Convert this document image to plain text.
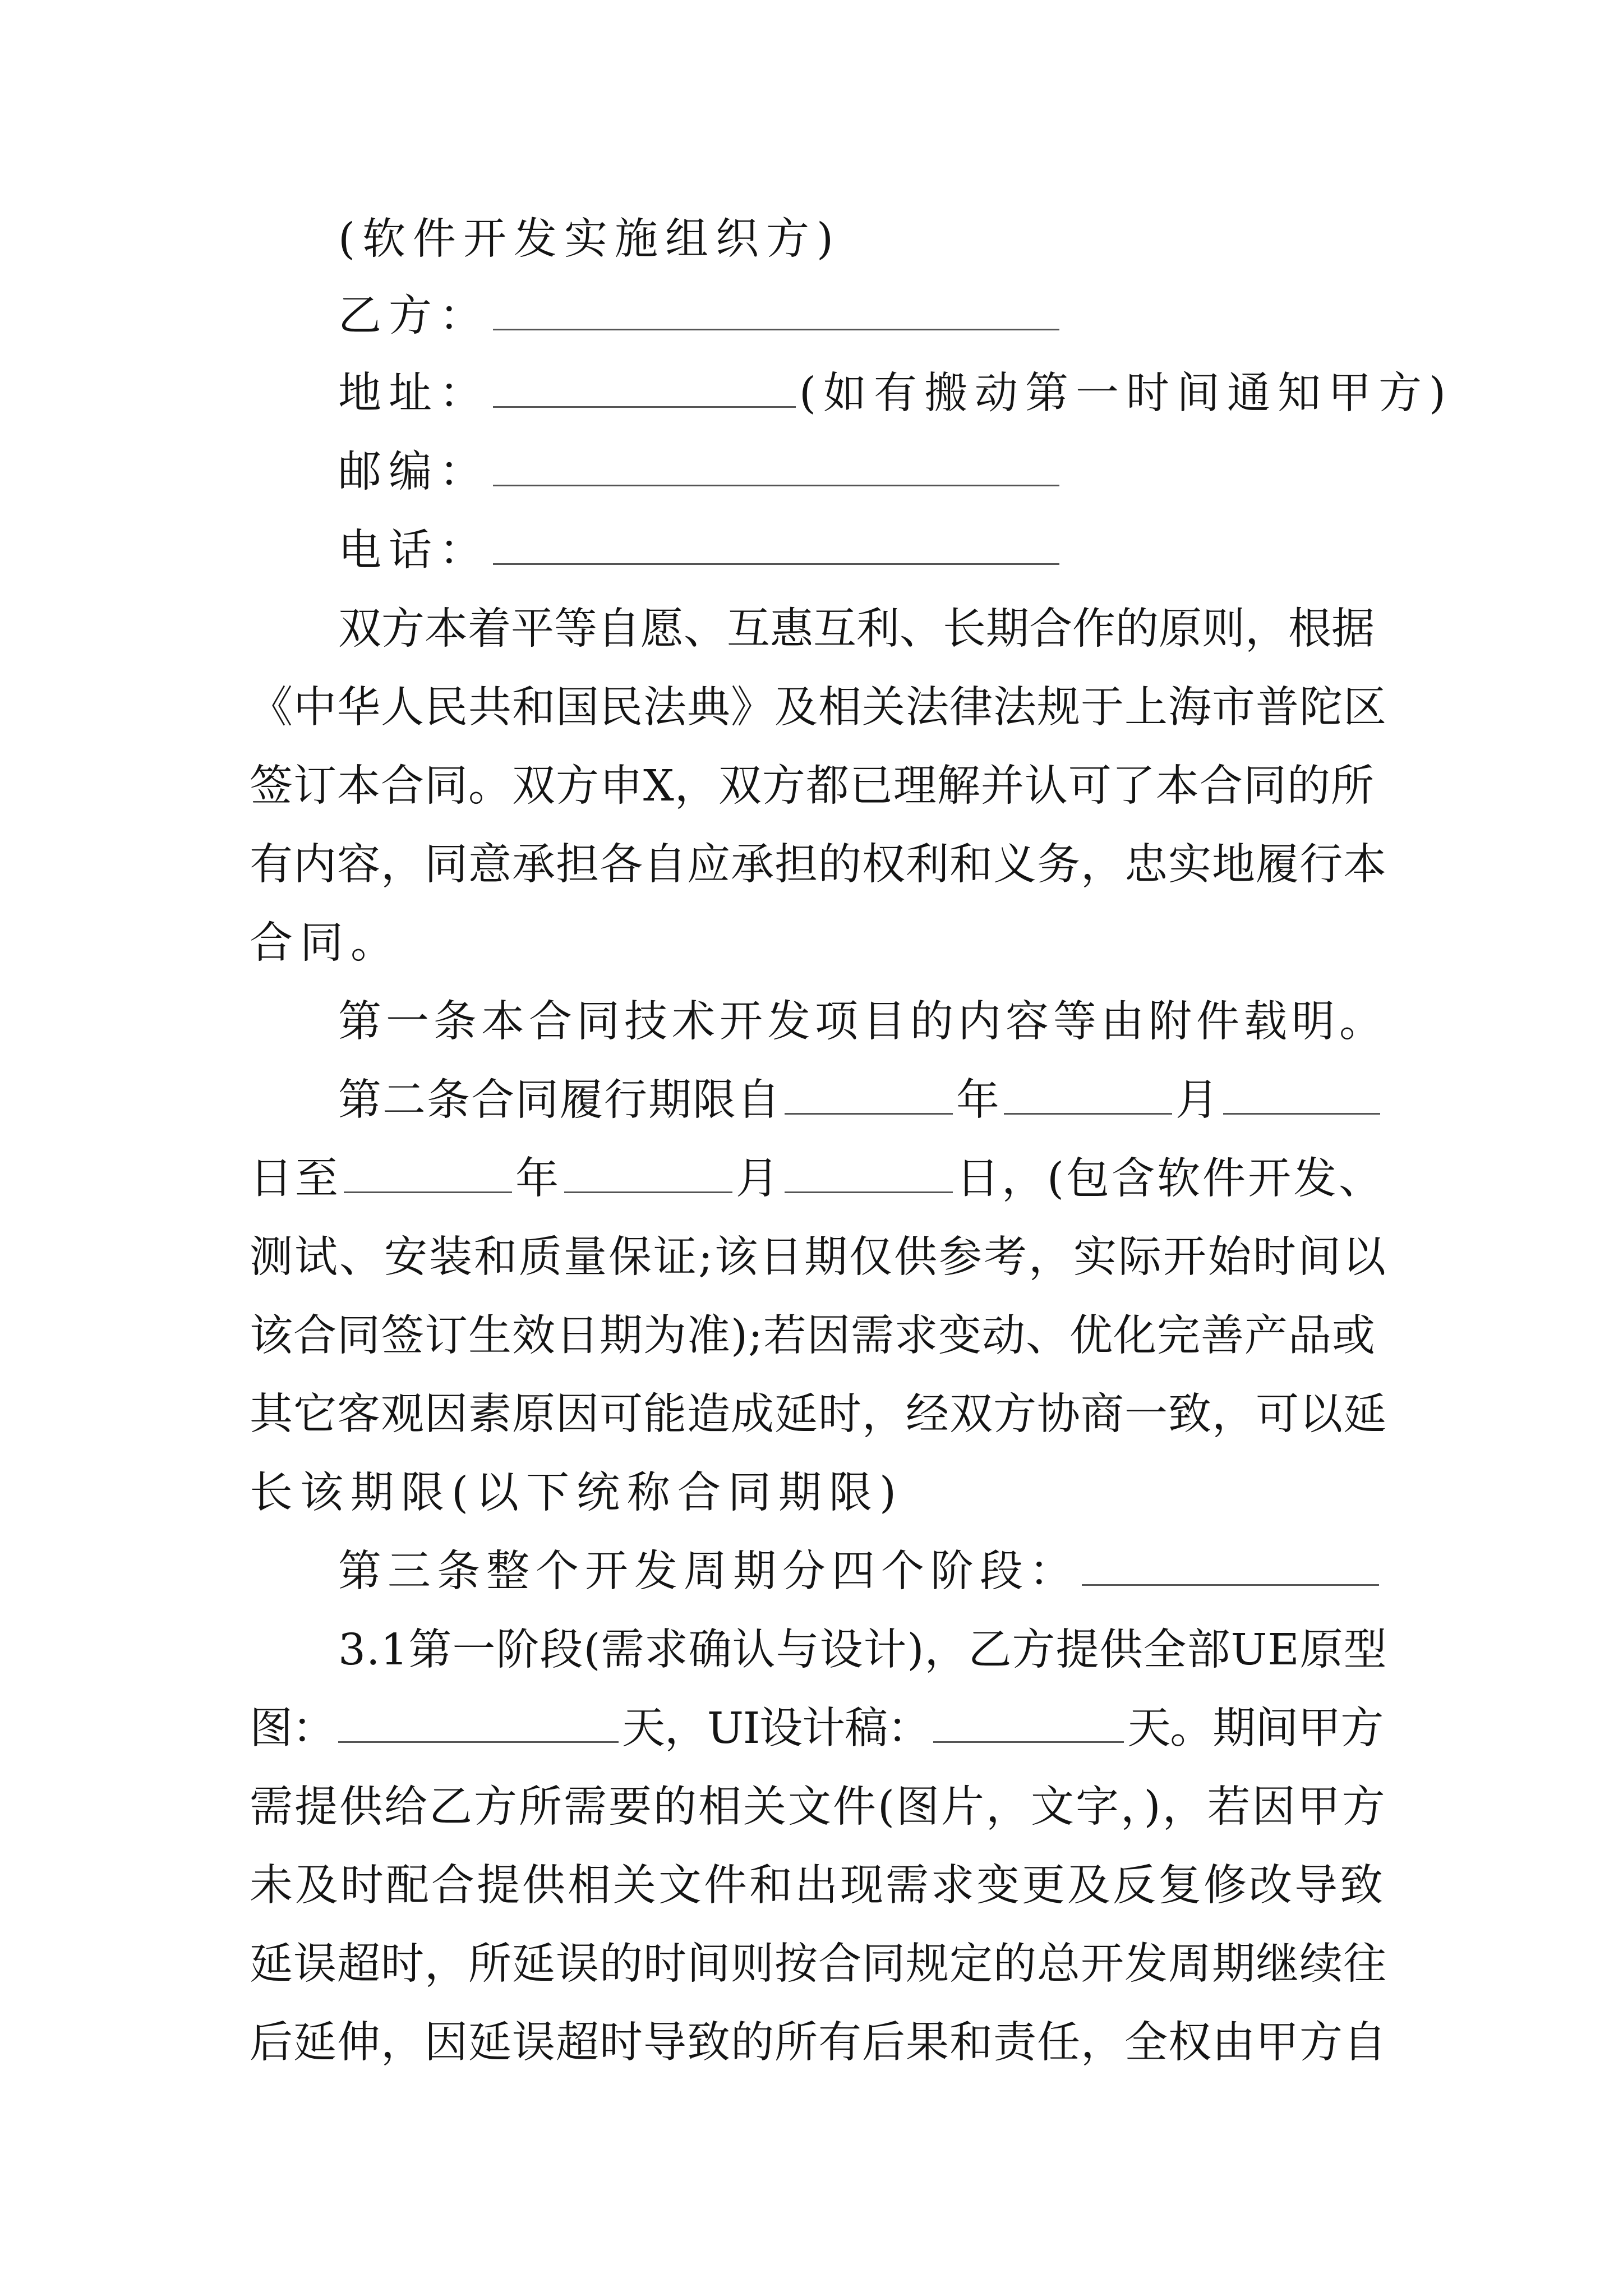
(软件开发实施组织方)
乙方：
地址：	(如有搬动第一时间通知甲方)
邮编：
电话：
双方本着平等自愿、互惠互利、长期合作的原则，根据
《中华人民共和国民法典》及相关法律法规于上海市普陀区
签订本合同。双方申X，双方都已理解并认可了本合同的所
有内容，同意承担各自应承担的权利和义务，忠实地履行本
合同。
第一条本合同技术开发项目的内容等由附件载明。
第二条合同履行期限自	年	月
日至	年	月	日，(包含软件开发、
测试、安装和质量保证;该日期仅供参考，实际开始时间以
该合同签订生效日期为准);若因需求变动、优化完善产品或
其它客观因素原因可能造成延时，经双方协商一致，可以延
长该期限(以下统称合同期限)
第三条整个开发周期分四个阶段：
3.1第一阶段(需求确认与设计)，乙方提供全部UE原型
图：	天，UI设计稿：	天。期间甲方
需提供给乙方所需要的相关文件(图片，文字，)，若因甲方
未及时配合提供相关文件和出现需求变更及反复修改导致
延误超时，所延误的时间则按合同规定的总开发周期继续往
后延伸，因延误超时导致的所有后果和责任，全权由甲方自
